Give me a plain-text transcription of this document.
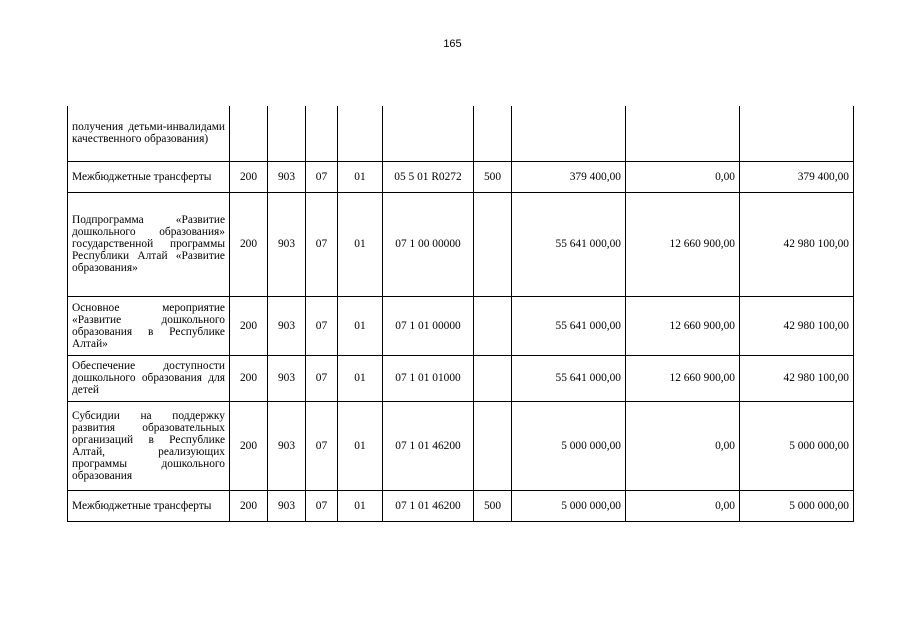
165
получения детьми-инвалидами качественного образования)									
Межбюджетные трансферты	200	903	07	01	05 5 01 R0272	500	379 400,00	0,00	379 400,00
Подпрограмма «Развитие дошкольного образования» государственной программы Республики Алтай «Развитие образования»	200	903	07	01	07 1 00 00000		55 641 000,00	12 660 900,00	42 980 100,00
Основное мероприятие «Развитие дошкольного образования в Республике Алтай»	200	903	07	01	07 1 01 00000		55 641 000,00	12 660 900,00	42 980 100,00
Обеспечение доступности дошкольного образования для детей	200	903	07	01	07 1 01 01000		55 641 000,00	12 660 900,00	42 980 100,00
Субсидии на поддержку развития образовательных организаций в Республике Алтай, реализующих программы дошкольного образования	200	903	07	01	07 1 01 46200		5 000 000,00	0,00	5 000 000,00
Межбюджетные трансферты	200	903	07	01	07 1 01 46200	500	5 000 000,00	0,00	5 000 000,00
